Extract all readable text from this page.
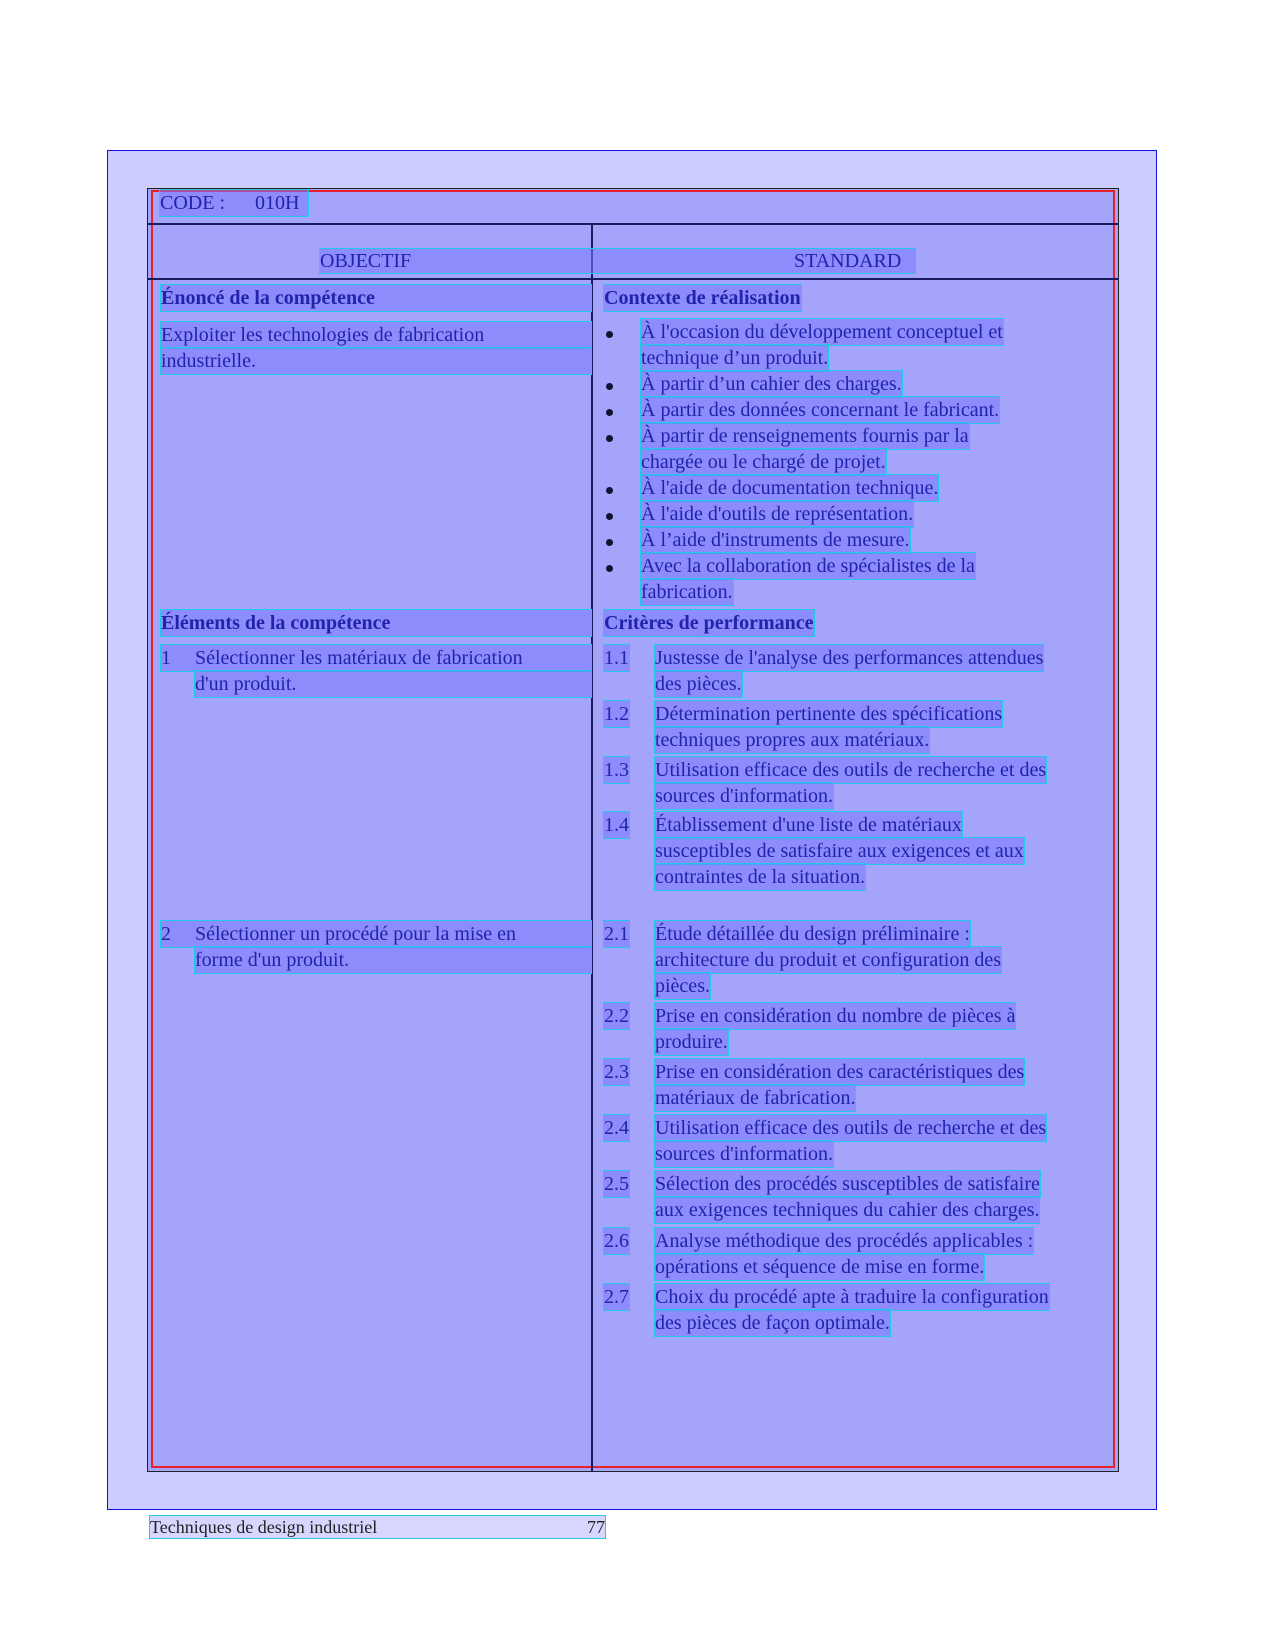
CODE : 010H
OBJECTIF	STANDARD
Énoncé de la compétence
Exploiter les technologies de fabrication
industrielle.
Éléments de la compétence
1 Sélectionner les matériaux de fabrication
d'un produit.
2 Sélectionner un procédé pour la mise en
forme d'un produit.
Contexte de réalisation
À l'occasion du développement conceptuel et
technique d’un produit.
À partir d’un cahier des charges.
À partir des données concernant le fabricant.
À partir de renseignements fournis par la
chargée ou le chargé de projet.
À l'aide de documentation technique.
À l'aide d'outils de représentation.
À l’aide d'instruments de mesure.
Avec la collaboration de spécialistes de la
fabrication.
Critères de performance
1.1 Justesse de l'analyse des performances attendues
des pièces.
1.2 Détermination pertinente des spécifications
techniques propres aux matériaux.
1.3 Utilisation efficace des outils de recherche et des
sources d'information.
1.4 Établissement d'une liste de matériaux
susceptibles de satisfaire aux exigences et aux
contraintes de la situation.
2.1 Étude détaillée du design préliminaire :
architecture du produit et configuration des
pièces.
2.2 Prise en considération du nombre de pièces à
produire.
2.3 Prise en considération des caractéristiques des
matériaux de fabrication.
2.4 Utilisation efficace des outils de recherche et des
sources d'information.
2.5 Sélection des procédés susceptibles de satisfaire
aux exigences techniques du cahier des charges.
2.6 Analyse méthodique des procédés applicables :
opérations et séquence de mise en forme.
2.7 Choix du procédé apte à traduire la configuration
des pièces de façon optimale.
Techniques de design industriel	77
